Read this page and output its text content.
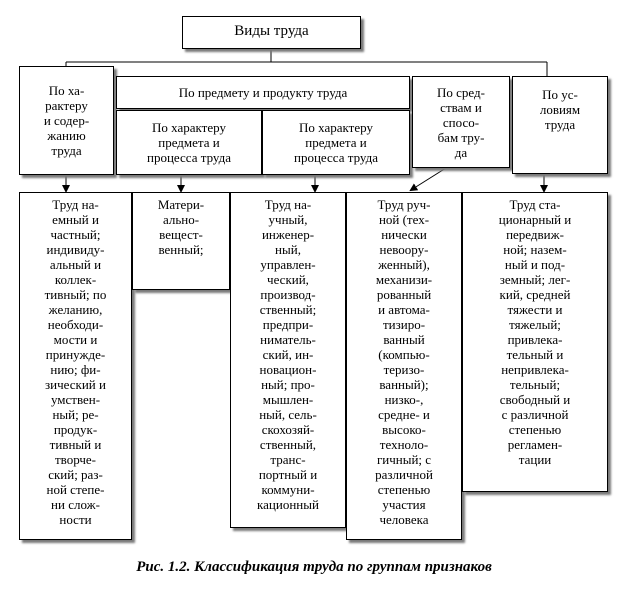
Виды труда
По ха-
рактеру
и содер-
жанию
труда
По предмету и продукту труда
По характеру
предмета и
процесса труда
По характеру
предмета и
процесса труда
По сред-
ствам и
спосо-
бам тру-
да
По ус-
ловиям
труда
Труд на-
емный и
частный;
индивиду-
альный и
коллек-
тивный; по
желанию,
необходи-
мости и
принужде-
нию; фи-
зический и
умствен-
ный; ре-
продук-
тивный и
творче-
ский; раз-
ной степе-
ни слож-
ности
Матери-
ально-
вещест-
венный;
Труд на-
учный,
инженер-
ный,
управлен-
ческий,
производ-
ственный;
предпри-
ниматель-
ский, ин-
новацион-
ный; про-
мышлен-
ный, сель-
скохозяй-
ственный,
транс-
портный и
коммуни-
кационный
Труд руч-
ной (тех-
нически
невоору-
женный),
механизи-
рованный
и автома-
тизиро-
ванный
(компью-
теризо-
ванный);
низко-,
средне- и
высоко-
техноло-
гичный; с
различной
степенью
участия
человека
Труд ста-
ционарный и
передвиж-
ной; назем-
ный и под-
земный; лег-
кий, средней
тяжести и
тяжелый;
привлека-
тельный и
непривлека-
тельный;
свободный и
с различной
степенью
регламен-
тации
Рис. 1.2. Классификация труда по группам признаков
